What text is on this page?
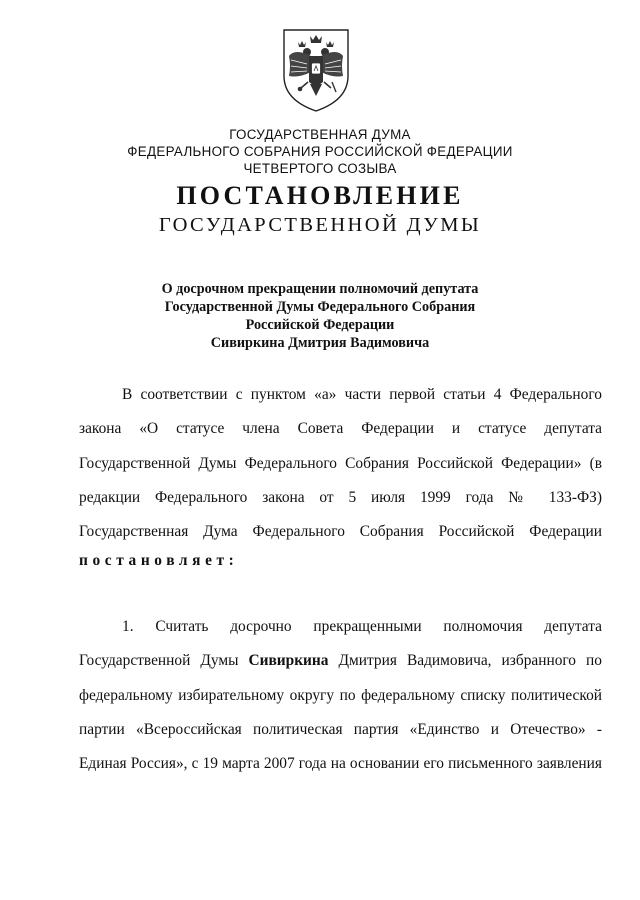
ГОСУДАРСТВЕННАЯ ДУМА
ФЕДЕРАЛЬНОГО СОБРАНИЯ РОССИЙСКОЙ ФЕДЕРАЦИИ
ЧЕТВЕРТОГО СОЗЫВА
ПОСТАНОВЛЕНИЕ
ГОСУДАРСТВЕННОЙ ДУМЫ
О досрочном прекращении полномочий депутата
Государственной Думы Федерального Собрания
Российской Федерации
Сивиркина Дмитрия Вадимовича
В соответствии с пунктом «а» части первой статьи 4 Федерального
закона «О статусе члена Совета Федерации и статусе депутата
Государственной Думы Федерального Собрания Российской Федерации» (в
редакции Федерального закона от 5 июля 1999 года № 133-ФЗ)
Государственная Дума Федерального Собрания Российской Федерации
постановляет:
1. Считать досрочно прекращенными полномочия депутата
Государственной Думы Сивиркина Дмитрия Вадимовича, избранного по
федеральному избирательному округу по федеральному списку политической
партии «Всероссийская политическая партия «Единство и Отечество» -
Единая Россия», с 19 марта 2007 года на основании его письменного заявления
